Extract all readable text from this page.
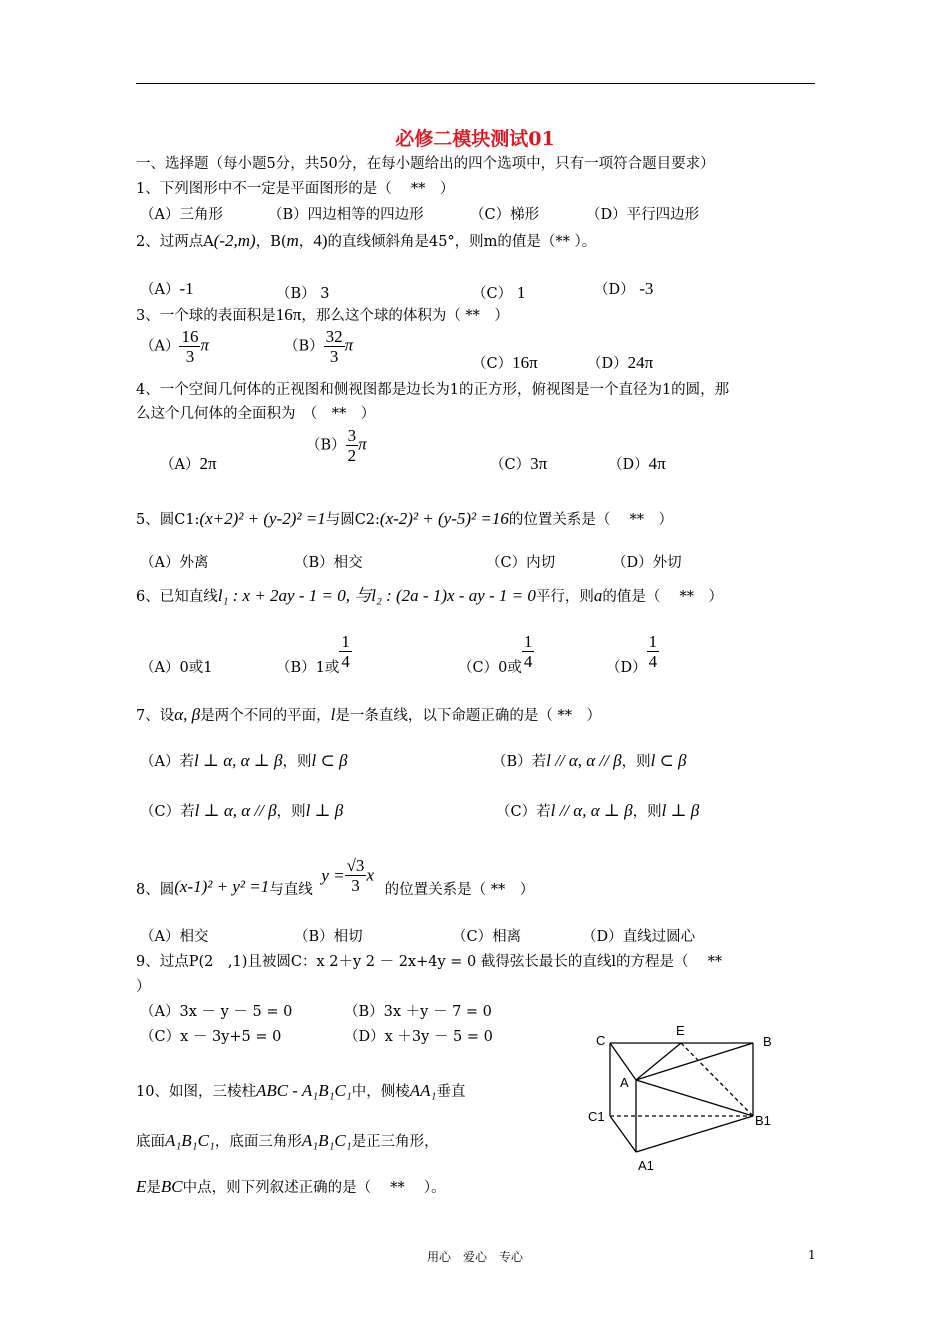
必修二模块测试01
一、选择题（每小题5分，共50分，在每小题给出的四个选项中，只有一项符合题目要求）
1、下列图形中不一定是平面图形的是（　 **　）
（A）三角形	（B）四边相等的四边形	（C）梯形	（D）平行四边形
2、过两点A(-2,m)，B(m，4)的直线倾斜角是45°，则m的值是（** ）。
（A）-1	（B） 3	（C） 1	（D） -3
3、一个球的表面积是16π，那么这个球的体积为（ **　）
$(A) \frac{16}{3}$ π	$(B) \frac{32}{3}$ π
（C）16π	（D）24π
4、一个空间几何体的正视图和侧视图都是边长为1的正方形，俯视图是一个直径为1的圆，那
么这个几何体的全面积为　（　**　）
（A）2π
$(B) \frac{3}{2}$ π
（C）3π	（D）4π
5、圆C1:(x+2)² + (y-2)² =1与圆C2:(x-2)² + (y-5)² =16的位置关系是（　 **　）
（A）外离	（B）相交	（C）内切	（D）外切
6、已知直线l₁ : x + 2ay - 1 = 0, 与l₂ : (2a - 1)x - ay - 1 = 0平行，则a的值是（　 **　）
（A）0或1	（B）1或 $\frac{1}{4}$	（C）0或 $\frac{1}{4}$	$(D) \frac{1}{4}$
7、设α, β是两个不同的平面，l是一条直线，以下命题正确的是（ **　）
（A）若l ⊥ α, α ⊥ β，则l ⊂ β	（B）若l // α, α // β，则l ⊂ β
（C）若l ⊥ α, α // β，则l ⊥ β	（C）若l // α, α ⊥ β，则l ⊥ β
8、圆(x-1)² + y² =1与直线 $y = \frac{√3}{3}$ x 的位置关系是（ **　）
（A）相交	（B）相切	（C）相离	（D）直线过圆心
9、过点P(2　,1)且被圆C：x 2＋y 2 － 2x+4y = 0 截得弦长最长的直线l的方程是（　 **
）
（A）3x － y － 5 = 0	（B）3x ＋y － 7 = 0
（C）x － 3y+5 = 0	（D）x ＋3y － 5 = 0
10、如图，三棱柱ABC - A₁B₁C₁中，侧棱AA₁垂直
底面A₁B₁C₁，底面三角形A₁B₁C₁是正三角形，
E是BC中点，则下列叙述正确的是（　 **　 ）。
C
E
B
A
C1	B1
A1
用心　爱心　专心	1
